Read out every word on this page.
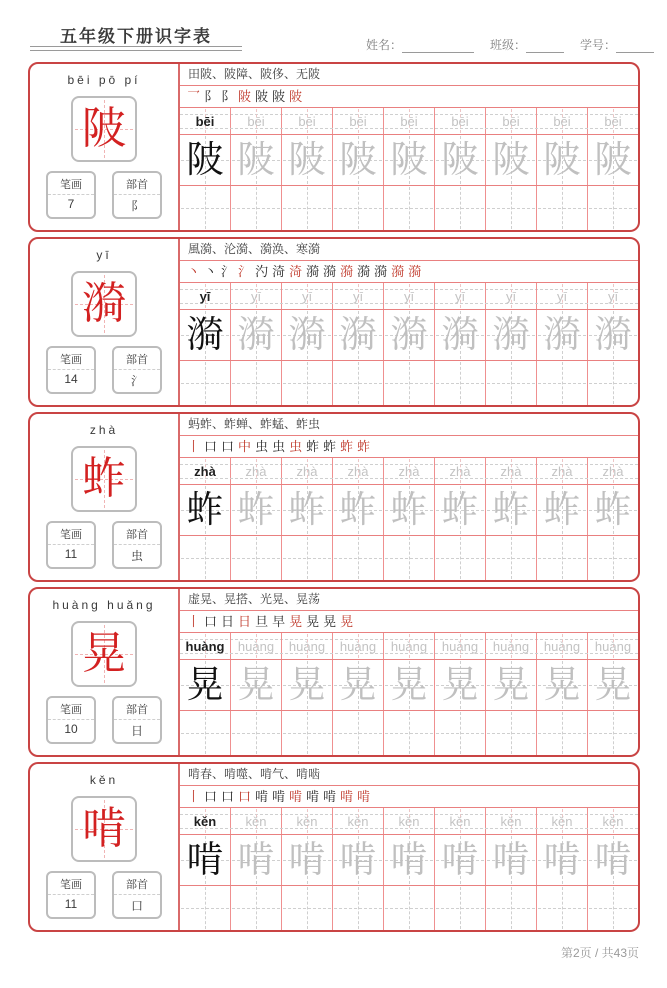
五年级下册识字表	姓名：	班级：	学号：
bēi pō pí
陂
笔画
7
部首
阝
田陂、陂障、陂侈、无陂
乛 阝 阝 陂 陂 陂 陂
bēi	bēi	bēi	bēi	bēi	bēi	bēi	bēi	bēi
陂 陂 陂 陂 陂 陂 陂 陂 陂
yī
漪
笔画
14
部首
氵
風漪、沦漪、漪涣、寒漪
丶 丶 氵 氵 汋 渏 渏 漪 漪 漪 漪 漪 漪 漪
yī	yī	yī	yī	yī	yī	yī	yī	yī
漪 漪 漪 漪 漪 漪 漪 漪 漪
zhà
蚱
笔画
11
部首
虫
蚂蚱、蚱蝉、蚱蜢、蚱虫
丨 口 口 中 虫 虫 虫 蚱 蚱 蚱 蚱
zhà zhà zhà zhà zhà zhà zhà zhà zhà
蚱 蚱 蚱 蚱 蚱 蚱 蚱 蚱 蚱
huàng huǎng
晃
笔画
10
部首
日
虚晃、晃搭、光晃、晃荡
丨 口 日 日 旦 早 晃 晃 晃 晃
huàng huàng huàng huàng huàng huàng huàng huàng huàng
晃 晃 晃 晃 晃 晃 晃 晃 晃
kěn
啃
笔画
11
部首
口
啃春、啃噬、啃气、啃啮
丨 口 口 口 啃 啃 啃 啃 啃 啃 啃
kěn kěn kěn kěn kěn kěn kěn kěn kěn
啃 啃 啃 啃 啃 啃 啃 啃 啃
第2页 / 共43页
